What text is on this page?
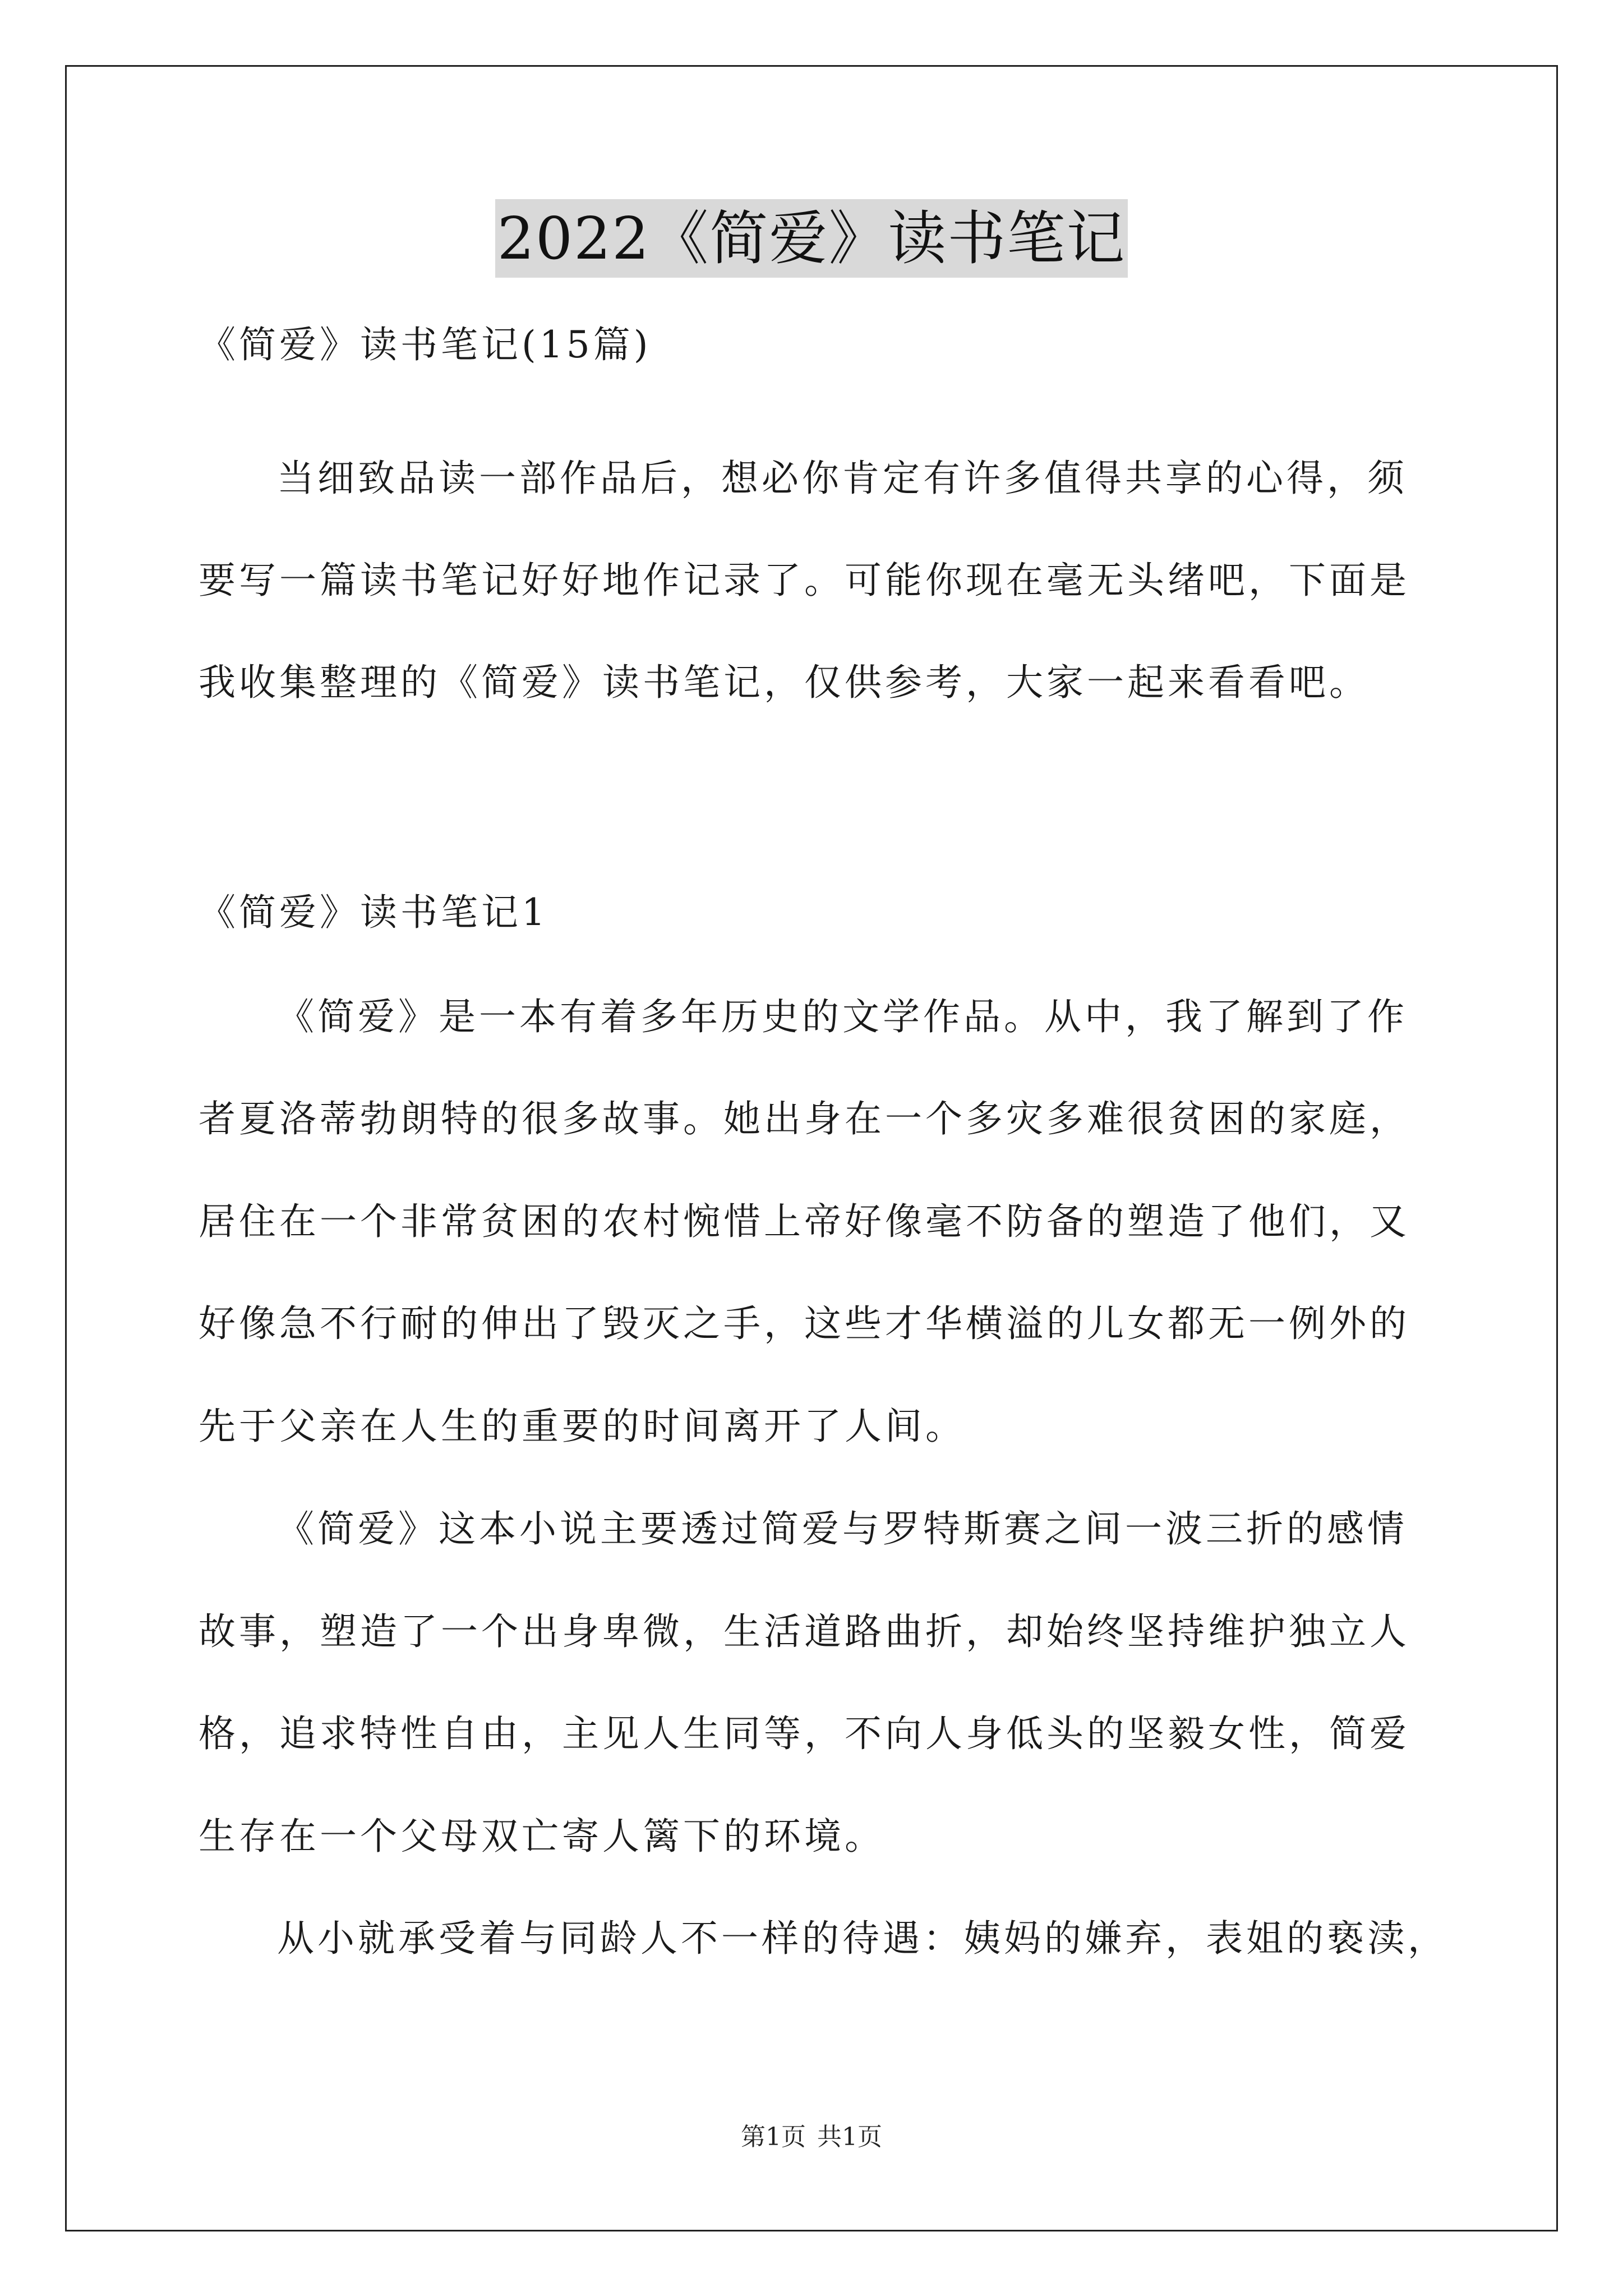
2022《简爱》读书笔记
《简爱》读书笔记(15篇)
当细致品读一部作品后，想必你肯定有许多值得共享的心得，须
要写一篇读书笔记好好地作记录了。可能你现在毫无头绪吧，下面是
我收集整理的《简爱》读书笔记，仅供参考，大家一起来看看吧。
《简爱》读书笔记1
《简爱》是一本有着多年历史的文学作品。从中，我了解到了作
者夏洛蒂勃朗特的很多故事。她出身在一个多灾多难很贫困的家庭，
居住在一个非常贫困的农村惋惜上帝好像毫不防备的塑造了他们，又
好像急不行耐的伸出了毁灭之手，这些才华横溢的儿女都无一例外的
先于父亲在人生的重要的时间离开了人间。
《简爱》这本小说主要透过简爱与罗特斯赛之间一波三折的感情
故事，塑造了一个出身卑微，生活道路曲折，却始终坚持维护独立人
格，追求特性自由，主见人生同等，不向人身低头的坚毅女性，简爱
生存在一个父母双亡寄人篱下的环境。
从小就承受着与同龄人不一样的待遇：姨妈的嫌弃，表姐的亵渎，
第1页 共1页
